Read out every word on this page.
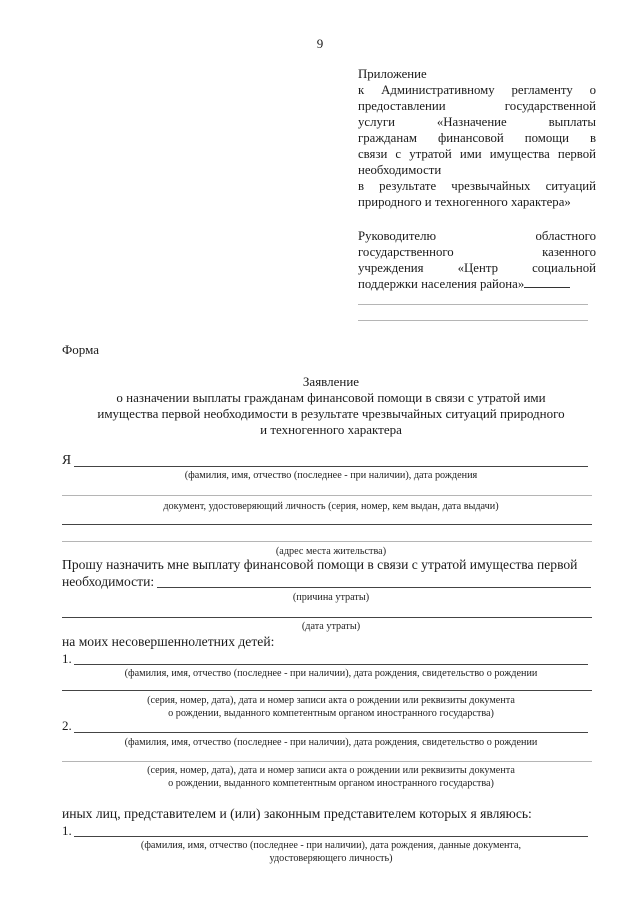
9
Приложение
к Административному регламенту о
предоставлении государственной
услуги «Назначение выплаты
гражданам финансовой помощи в
связи с утратой ими имущества первой
необходимости
в результате чрезвычайных ситуаций
природного и техногенного характера»
Руководителю областного
государственного казенного
учреждения «Центр социальной
поддержки населения района»
Форма
Заявление
о назначении выплаты гражданам финансовой помощи в связи с утратой ими
имущества первой необходимости в результате чрезвычайных ситуаций природного
и техногенного характера
Я
(фамилия, имя, отчество (последнее - при наличии), дата рождения
документ, удостоверяющий личность (серия, номер, кем выдан, дата выдачи)
(адрес места жительства)
Прошу назначить мне выплату финансовой помощи в связи с утратой имущества первой
необходимости:
(причина утраты)
(дата утраты)
на моих несовершеннолетних детей:
1.
(фамилия, имя, отчество (последнее - при наличии), дата рождения, свидетельство о рождении
(серия, номер, дата), дата и номер записи акта о рождении или реквизиты документа
о рождении, выданного компетентным органом иностранного государства)
2.
(фамилия, имя, отчество (последнее - при наличии), дата рождения, свидетельство о рождении
(серия, номер, дата), дата и номер записи акта о рождении или реквизиты документа
о рождении, выданного компетентным органом иностранного государства)
иных лиц, представителем и (или) законным представителем которых я являюсь:
1.
(фамилия, имя, отчество (последнее - при наличии), дата рождения, данные документа,
удостоверяющего личность)
